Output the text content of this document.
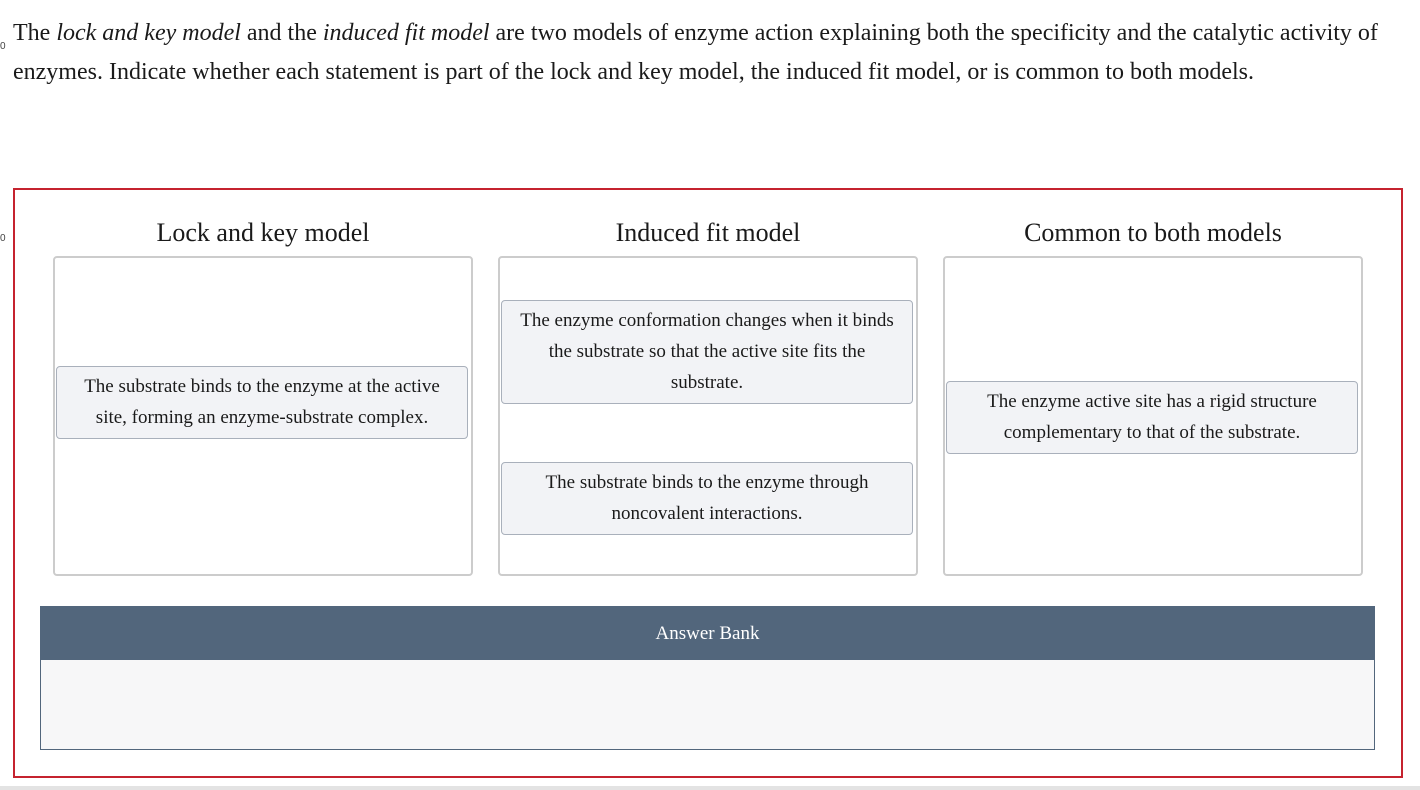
0
0

The lock and key model and the induced fit model are two models of enzyme action explaining both the specificity and the catalytic activity of enzymes. Indicate whether each statement is part of the lock and key model, the induced fit model, or is common to both models.

Lock and key model
The substrate binds to the enzyme at the active site, forming an enzyme-substrate complex.
Induced fit model
The enzyme conformation changes when it binds the substrate so that the active site fits the substrate.
The substrate binds to the enzyme through noncovalent interactions.
Common to both models
The enzyme active site has a rigid structure complementary to that of the substrate.
Answer Bank
